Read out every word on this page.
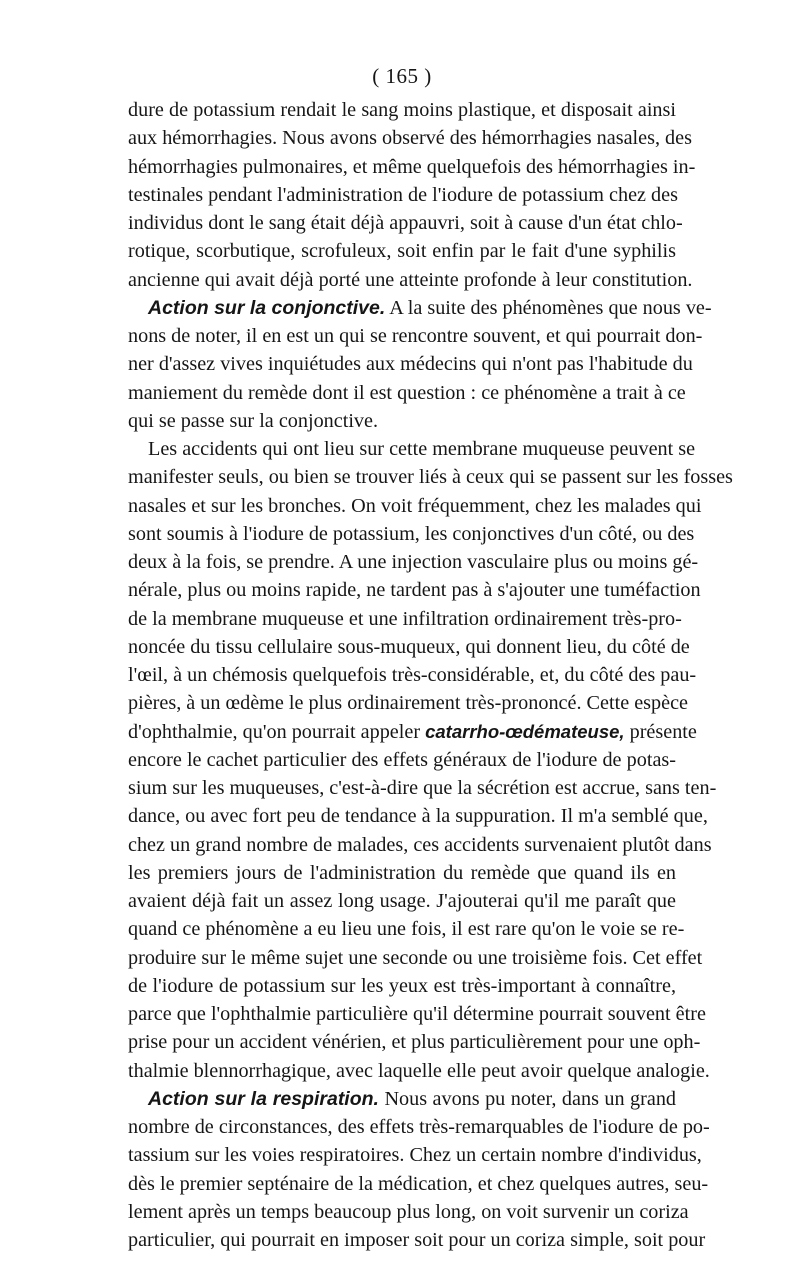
( 165 )
dure de potassium rendait le sang moins plastique, et disposait ainsi
aux hémorrhagies. Nous avons observé des hémorrhagies nasales, des
hémorrhagies pulmonaires, et même quelquefois des hémorrhagies in-
testinales pendant l'administration de l'iodure de potassium chez des
individus dont le sang était déjà appauvri, soit à cause d'un état chlo-
rotique, scorbutique, scrofuleux, soit enfin par le fait d'une syphilis
ancienne qui avait déjà porté une atteinte profonde à leur constitution.
Action sur la conjonctive. A la suite des phénomènes que nous ve-
nons de noter, il en est un qui se rencontre souvent, et qui pourrait don-
ner d'assez vives inquiétudes aux médecins qui n'ont pas l'habitude du
maniement du remède dont il est question : ce phénomène a trait à ce
qui se passe sur la conjonctive.
Les accidents qui ont lieu sur cette membrane muqueuse peuvent se
manifester seuls, ou bien se trouver liés à ceux qui se passent sur les fosses
nasales et sur les bronches. On voit fréquemment, chez les malades qui
sont soumis à l'iodure de potassium, les conjonctives d'un côté, ou des
deux à la fois, se prendre. A une injection vasculaire plus ou moins gé-
nérale, plus ou moins rapide, ne tardent pas à s'ajouter une tuméfaction
de la membrane muqueuse et une infiltration ordinairement très-pro-
noncée du tissu cellulaire sous-muqueux, qui donnent lieu, du côté de
l'œil, à un chémosis quelquefois très-considérable, et, du côté des pau-
pières, à un œdème le plus ordinairement très-prononcé. Cette espèce
d'ophthalmie, qu'on pourrait appeler catarrho-œdémateuse, présente
encore le cachet particulier des effets généraux de l'iodure de potas-
sium sur les muqueuses, c'est-à-dire que la sécrétion est accrue, sans ten-
dance, ou avec fort peu de tendance à la suppuration. Il m'a semblé que,
chez un grand nombre de malades, ces accidents survenaient plutôt dans
les premiers jours de l'administration du remède que quand ils en
avaient déjà fait un assez long usage. J'ajouterai qu'il me paraît que
quand ce phénomène a eu lieu une fois, il est rare qu'on le voie se re-
produire sur le même sujet une seconde ou une troisième fois. Cet effet
de l'iodure de potassium sur les yeux est très-important à connaître,
parce que l'ophthalmie particulière qu'il détermine pourrait souvent être
prise pour un accident vénérien, et plus particulièrement pour une oph-
thalmie blennorrhagique, avec laquelle elle peut avoir quelque analogie.
Action sur la respiration. Nous avons pu noter, dans un grand
nombre de circonstances, des effets très-remarquables de l'iodure de po-
tassium sur les voies respiratoires. Chez un certain nombre d'individus,
dès le premier septénaire de la médication, et chez quelques autres, seu-
lement après un temps beaucoup plus long, on voit survenir un coriza
particulier, qui pourrait en imposer soit pour un coriza simple, soit pour
